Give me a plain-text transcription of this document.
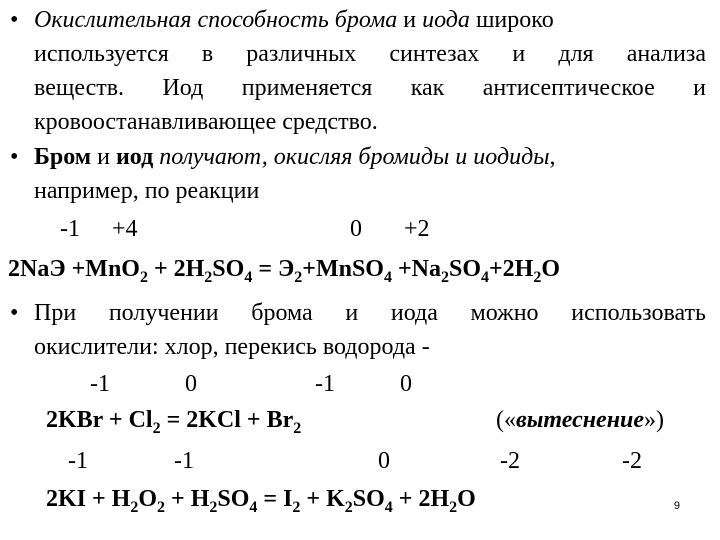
• Окислительная способность брома и иода широко
используется в различных синтезах и для анализа
веществ. Иод применяется как антисептическое и
кровоостанавливающее средство.
• Бром и иод получают, окисляя бромиды и иодиды,
например, по реакции
-1 +4	0 +2
$2NaЭ +MnO_2 + 2H_2SO_4$ = $Э_2+MnSO_4 +Na_2SO_4+2H_2O$
• При получении брома и иода можно использовать
окислители: хлор, перекись водорода -
-1	0	-1	0
$2KBr + Cl_2 = 2KCl + Br_2$	(«вытеснение»)
-1	-1	0	-2	-2
$2KI + H_2O_2 + H_2SO_4 = I_2 + K_2SO_4 + 2H_2O$	9
